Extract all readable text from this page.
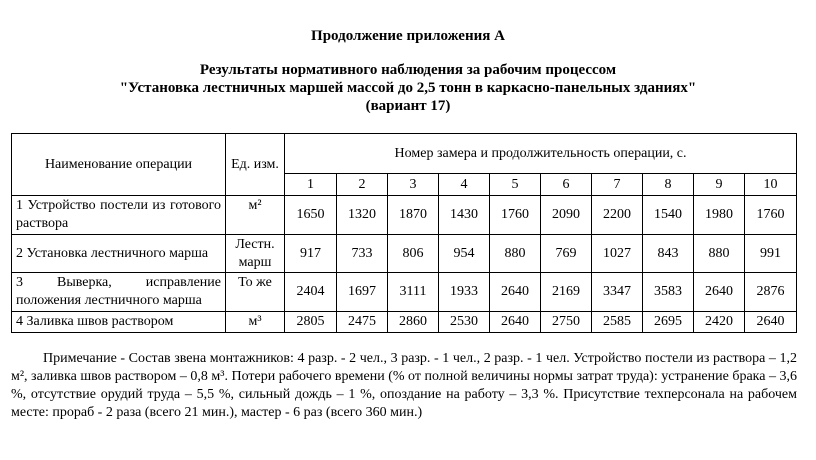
Продолжение приложения А
Результаты нормативного наблюдения за рабочим процессом
"Установка лестничных маршей массой до 2,5 тонн в каркасно-панельных зданиях"
(вариант 17)
Наименование операции	Ед. изм.	Номер замера и продолжительность операции, с.									
		1	2	3	4	5	6	7	8	9	10
1 Устройство постели из готового раствора	м²	1650	1320	1870	1430	1760	2090	2200	1540	1980	1760
2 Установка лестничного марша	Лестн. марш	917	733	806	954	880	769	1027	843	880	991
3 Выверка, исправление положения лестничного марша	То же	2404	1697	3111	1933	2640	2169	3347	3583	2640	2876
4 Заливка швов раствором	м³	2805	2475	2860	2530	2640	2750	2585	2695	2420	2640
Примечание - Состав звена монтажников: 4 разр. - 2 чел., 3 разр. - 1 чел., 2 разр. - 1 чел. Устройство постели из раствора – 1,2 м², заливка швов раствором – 0,8 м³. Потери рабочего времени (% от полной величины нормы затрат труда): устранение брака – 3,6 %, отсутствие орудий труда – 5,5 %, сильный дождь – 1 %, опоздание на работу – 3,3 %. Присутствие техперсонала на рабочем месте: прораб - 2 раза (всего 21 мин.), мастер - 6 раз (всего 360 мин.)
